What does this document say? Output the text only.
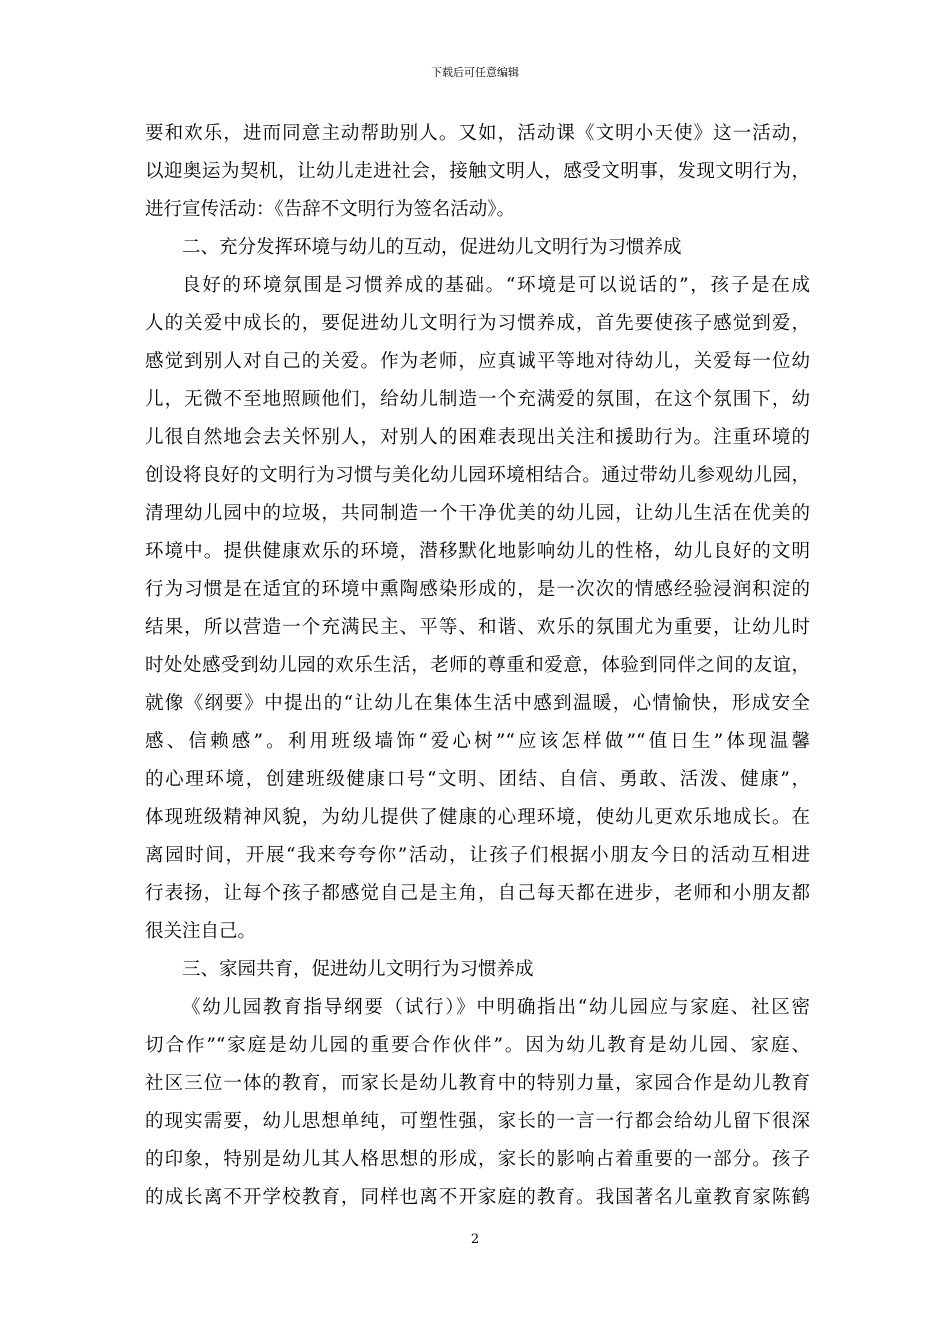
下载后可任意编辑
要和欢乐，进而同意主动帮助别人。又如，活动课《文明小天使》这一活动，
以迎奥运为契机，让幼儿走进社会，接触文明人，感受文明事，发现文明行为，
进行宣传活动：《告辞不文明行为签名活动》。
二、充分发挥环境与幼儿的互动，促进幼儿文明行为习惯养成
良好的环境氛围是习惯养成的基础。“环境是可以说话的”，孩子是在成
人的关爱中成长的，要促进幼儿文明行为习惯养成，首先要使孩子感觉到爱，
感觉到别人对自己的关爱。作为老师，应真诚平等地对待幼儿，关爱每一位幼
儿，无微不至地照顾他们，给幼儿制造一个充满爱的氛围，在这个氛围下，幼
儿很自然地会去关怀别人，对别人的困难表现出关注和援助行为。注重环境的
创设将良好的文明行为习惯与美化幼儿园环境相结合。通过带幼儿参观幼儿园，
清理幼儿园中的垃圾，共同制造一个干净优美的幼儿园，让幼儿生活在优美的
环境中。提供健康欢乐的环境，潜移默化地影响幼儿的性格，幼儿良好的文明
行为习惯是在适宜的环境中熏陶感染形成的，是一次次的情感经验浸润积淀的
结果，所以营造一个充满民主、平等、和谐、欢乐的氛围尤为重要，让幼儿时
时处处感受到幼儿园的欢乐生活，老师的尊重和爱意，体验到同伴之间的友谊，
就像《纲要》中提出的“让幼儿在集体生活中感到温暖，心情愉快，形成安全
感、信赖感”。利用班级墙饰“爱心树”“应该怎样做”“值日生”体现温馨
的心理环境，创建班级健康口号“文明、团结、自信、勇敢、活泼、健康”，
体现班级精神风貌，为幼儿提供了健康的心理环境，使幼儿更欢乐地成长。在
离园时间，开展“我来夸夸你”活动，让孩子们根据小朋友今日的活动互相进
行表扬，让每个孩子都感觉自己是主角，自己每天都在进步，老师和小朋友都
很关注自己。
三、家园共育，促进幼儿文明行为习惯养成
《幼儿园教育指导纲要（试行）》中明确指出“幼儿园应与家庭、社区密
切合作”“家庭是幼儿园的重要合作伙伴”。因为幼儿教育是幼儿园、家庭、
社区三位一体的教育，而家长是幼儿教育中的特别力量，家园合作是幼儿教育
的现实需要，幼儿思想单纯，可塑性强，家长的一言一行都会给幼儿留下很深
的印象，特别是幼儿其人格思想的形成，家长的影响占着重要的一部分。孩子
的成长离不开学校教育，同样也离不开家庭的教育。我国著名儿童教育家陈鹤
2
